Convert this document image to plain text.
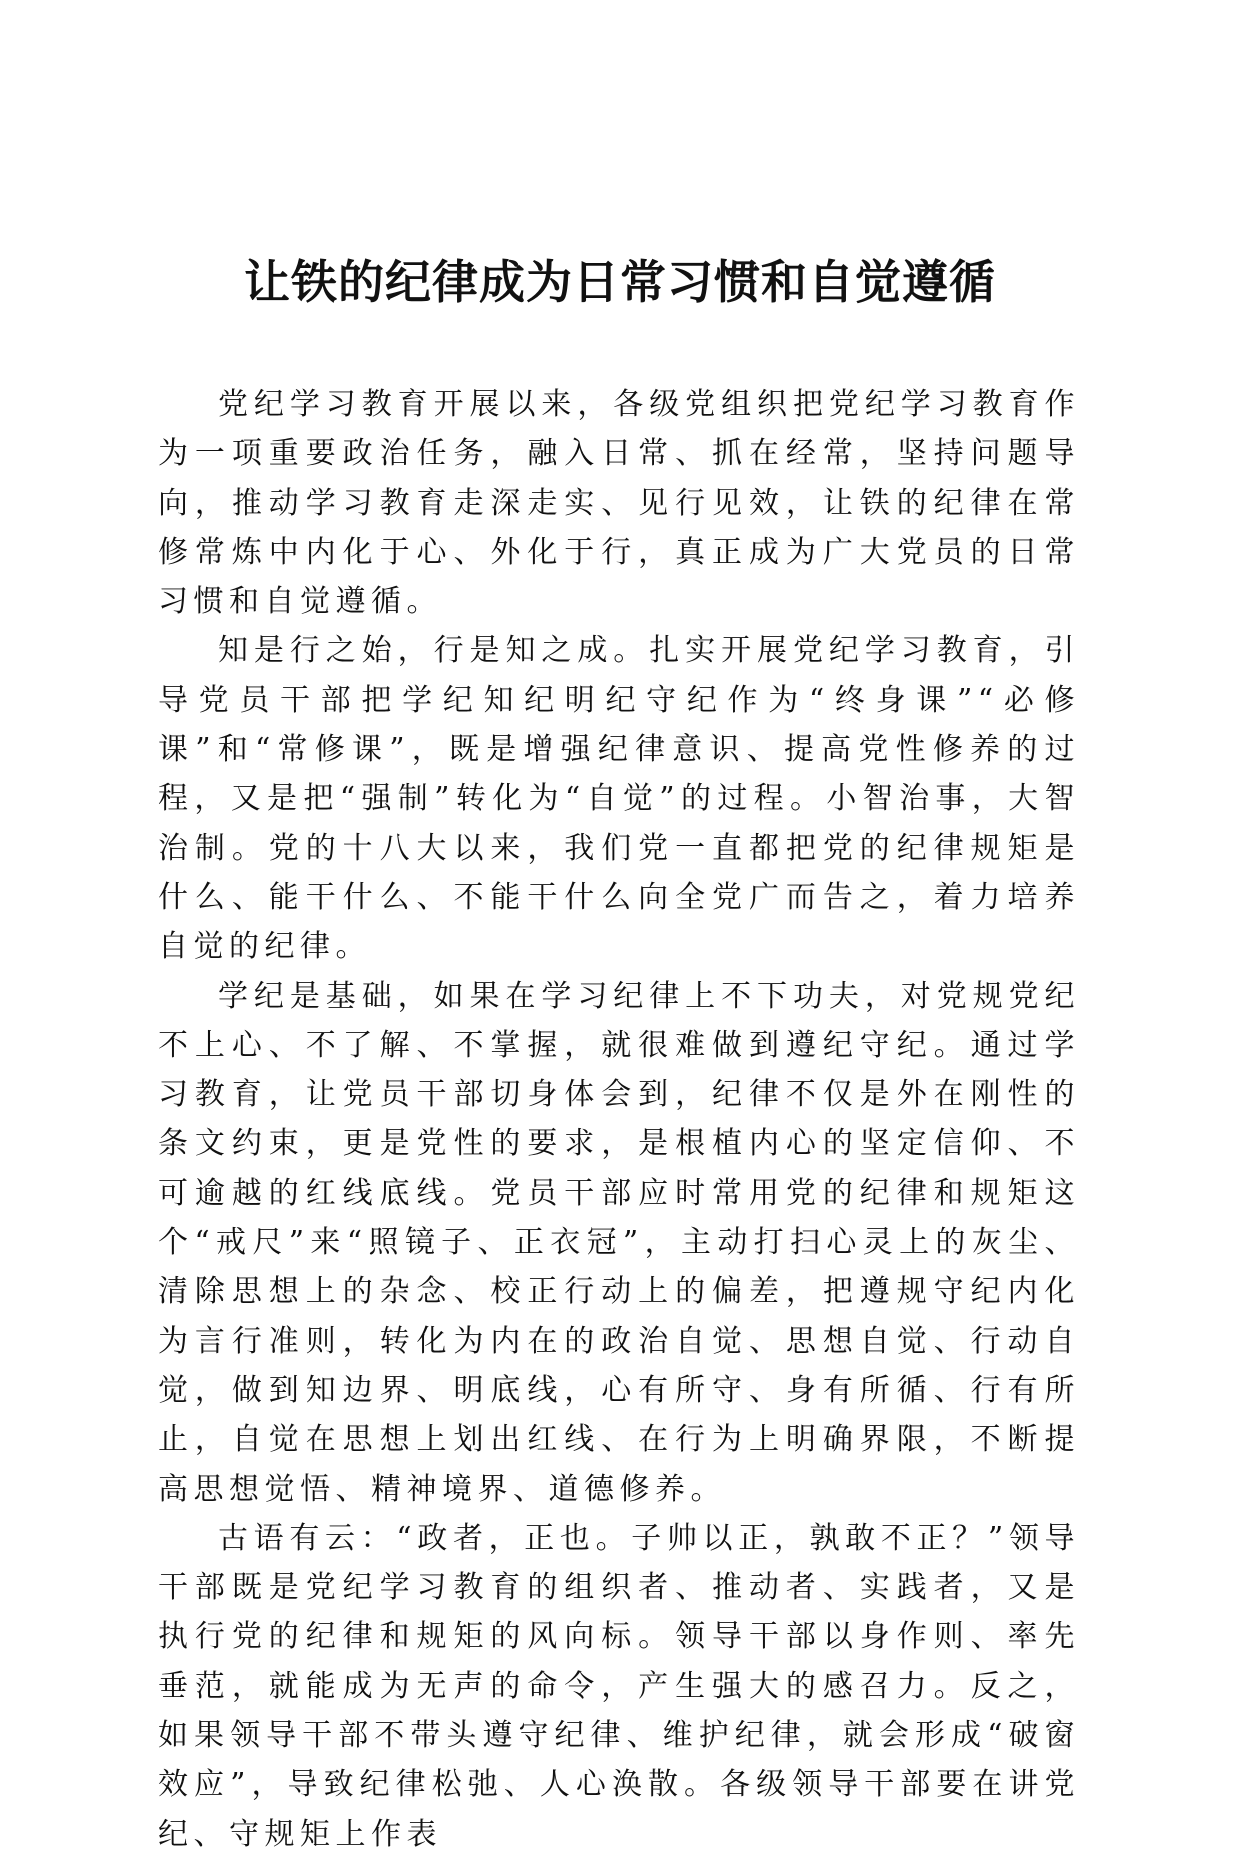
让铁的纪律成为日常习惯和自觉遵循

党纪学习教育开展以来，各级党组织把党纪学习教育作为一项重要政治任务，融入日常、抓在经常，坚持问题导向，推动学习教育走深走实、见行见效，让铁的纪律在常修常炼中内化于心、外化于行，真正成为广大党员的日常习惯和自觉遵循。

知是行之始，行是知之成。扎实开展党纪学习教育，引导党员干部把学纪知纪明纪守纪作为“终身课”“必修课”和“常修课”，既是增强纪律意识、提高党性修养的过程，又是把“强制”转化为“自觉”的过程。小智治事，大智治制。党的十八大以来，我们党一直都把党的纪律规矩是什么、能干什么、不能干什么向全党广而告之，着力培养自觉的纪律。

学纪是基础，如果在学习纪律上不下功夫，对党规党纪不上心、不了解、不掌握，就很难做到遵纪守纪。通过学习教育，让党员干部切身体会到，纪律不仅是外在刚性的条文约束，更是党性的要求，是根植内心的坚定信仰、不可逾越的红线底线。党员干部应时常用党的纪律和规矩这个“戒尺”来“照镜子、正衣冠”，主动打扫心灵上的灰尘、清除思想上的杂念、校正行动上的偏差，把遵规守纪内化为言行准则，转化为内在的政治自觉、思想自觉、行动自觉，做到知边界、明底线，心有所守、身有所循、行有所止，自觉在思想上划出红线、在行为上明确界限，不断提高思想觉悟、精神境界、道德修养。

古语有云：“政者，正也。子帅以正，孰敢不正？”领导干部既是党纪学习教育的组织者、推动者、实践者，又是执行党的纪律和规矩的风向标。领导干部以身作则、率先垂范，就能成为无声的命令，产生强大的感召力。反之，如果领导干部不带头遵守纪律、维护纪律，就会形成“破窗效应”，导致纪律松弛、人心涣散。各级领导干部要在讲党纪、守规矩上作表
